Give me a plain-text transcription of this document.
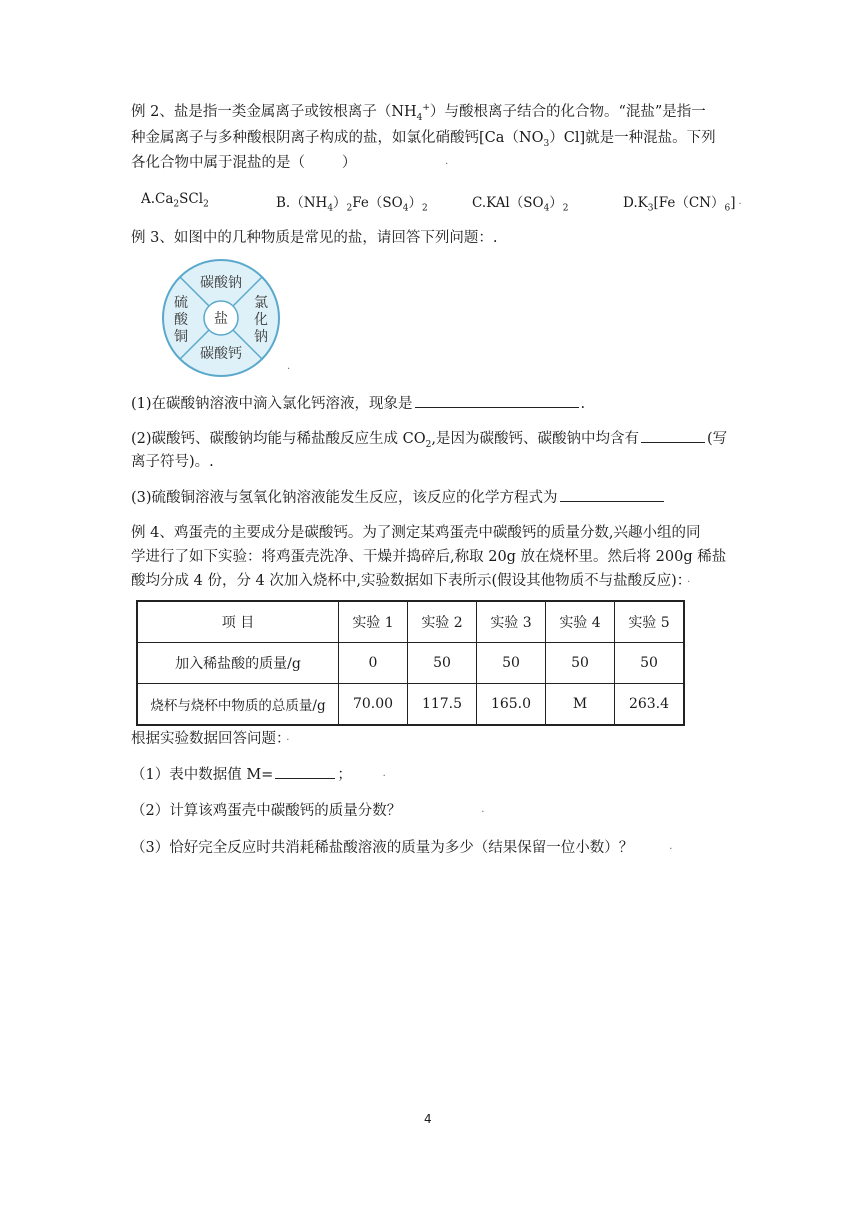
例 2、盐是指一类金属离子或铵根离子$(NH_4^+)$与酸根离子结合的化合物。“混盐”是指一
种金属离子与多种酸根阴离子构成的盐，如氯化硝酸钙$[Ca(NO_3)Cl]$就是一种混盐。下列
各化合物中属于混盐的是（        ）	·
$A.Ca_2SCl_2$	$B.(NH_4)_2Fe(SO_4)_2$	$C.KAl(SO_4)_2$	$D.K_3[Fe(CN)_6]$ ·
例 3、如图中的几种物质是常见的盐，请回答下列问题：.
盐
碳酸钠
碳酸钙
硫
酸
铜
氯
化
钠
·
(1)在碳酸钠溶液中滴入氯化钙溶液，现象是	.
(2)碳酸钙、碳酸钠均能与稀盐酸反应生成 $CO_2$,是因为碳酸钙、碳酸钠中均含有	(写
离子符号)。.
(3)硫酸铜溶液与氢氧化钠溶液能发生反应，该反应的化学方程式为
例 4、鸡蛋壳的主要成分是碳酸钙。为了测定某鸡蛋壳中碳酸钙的质量分数,兴趣小组的同
学进行了如下实验：将鸡蛋壳洗净、干燥并捣碎后,称取 20g 放在烧杯里。然后将 200g 稀盐
酸均分成 4 份，分 4 次加入烧杯中,实验数据如下表所示(假设其他物质不与盐酸反应)： ·
项 目	实验 1	实验 2	实验 3	实验 4	实验 5
加入稀盐酸的质量/g	0	50	50	50	50
烧杯与烧杯中物质的总质量/g	70.00	117.5	165.0	M	263.4
根据实验数据回答问题： ·
（1）表中数据值 M=	；	·
（2）计算该鸡蛋壳中碳酸钙的质量分数？	·
（3）恰好完全反应时共消耗稀盐酸溶液的质量为多少（结果保留一位小数）？	·
4
